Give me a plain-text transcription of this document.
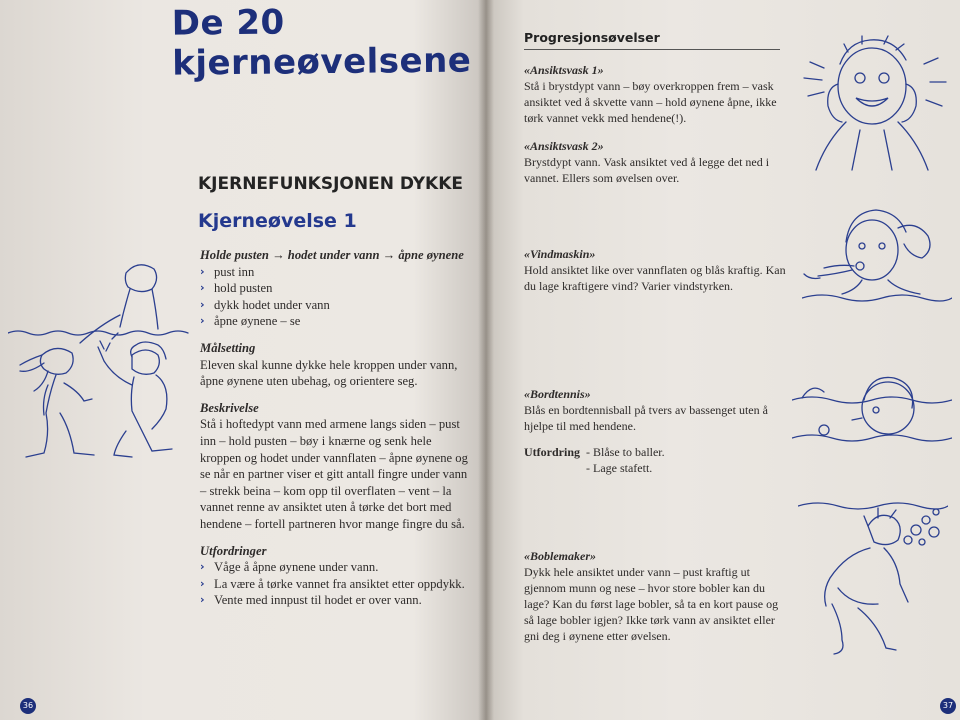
De 20 kjerneøvelsene
KJERNEFUNKSJONEN DYKKE
Kjerneøvelse 1

Holde pusten → hodet under vann → åpne øynene

› pust inn
› hold pusten
› dykk hodet under vann
› åpne øynene – se

Målsetting

Eleven skal kunne dykke hele kroppen under vann, åpne øynene uten ubehag, og orientere seg.

Beskrivelse

Stå i hoftedypt vann med armene langs siden – pust inn – hold pusten – bøy i knærne og senk hele kroppen og hodet under vannflaten – åpne øynene og se når en partner viser et gitt antall fingre under vann – strekk beina – kom opp til overflaten – vent – la vannet renne av ansiktet uten å tørke det bort med hendene – fortell partneren hvor mange fingre du så.

Utfordringer

› Våge å åpne øynene under vann.
› La være å tørke vannet fra ansiktet etter oppdykk.
› Vente med innpust til hodet er over vann.
36
Progresjonsøvelser
«Ansiktsvask 1»
Stå i brystdypt vann – bøy overkroppen frem – vask ansiktet ved å skvette vann – hold øynene åpne, ikke tørk vannet vekk med hendene(!).
«Ansiktsvask 2»
Brystdypt vann. Vask ansiktet ved å legge det ned i vannet. Ellers som øvelsen over.
«Vindmaskin»
Hold ansiktet like over vannflaten og blås kraftig. Kan du lage kraftigere vind? Varier vindstyrken.
«Bordtennis»
Blås en bordtennisball på tvers av bassenget uten å hjelpe til med hendene.
Utfordring - Blåse to baller.
- Lage stafett.
«Boblemaker»
Dykk hele ansiktet under vann – pust kraftig ut gjennom munn og nese – hvor store bobler kan du lage? Kan du først lage bobler, så ta en kort pause og så lage bobler igjen? Ikke tørk vann av ansiktet eller gni deg i øynene etter øvelsen.
37
